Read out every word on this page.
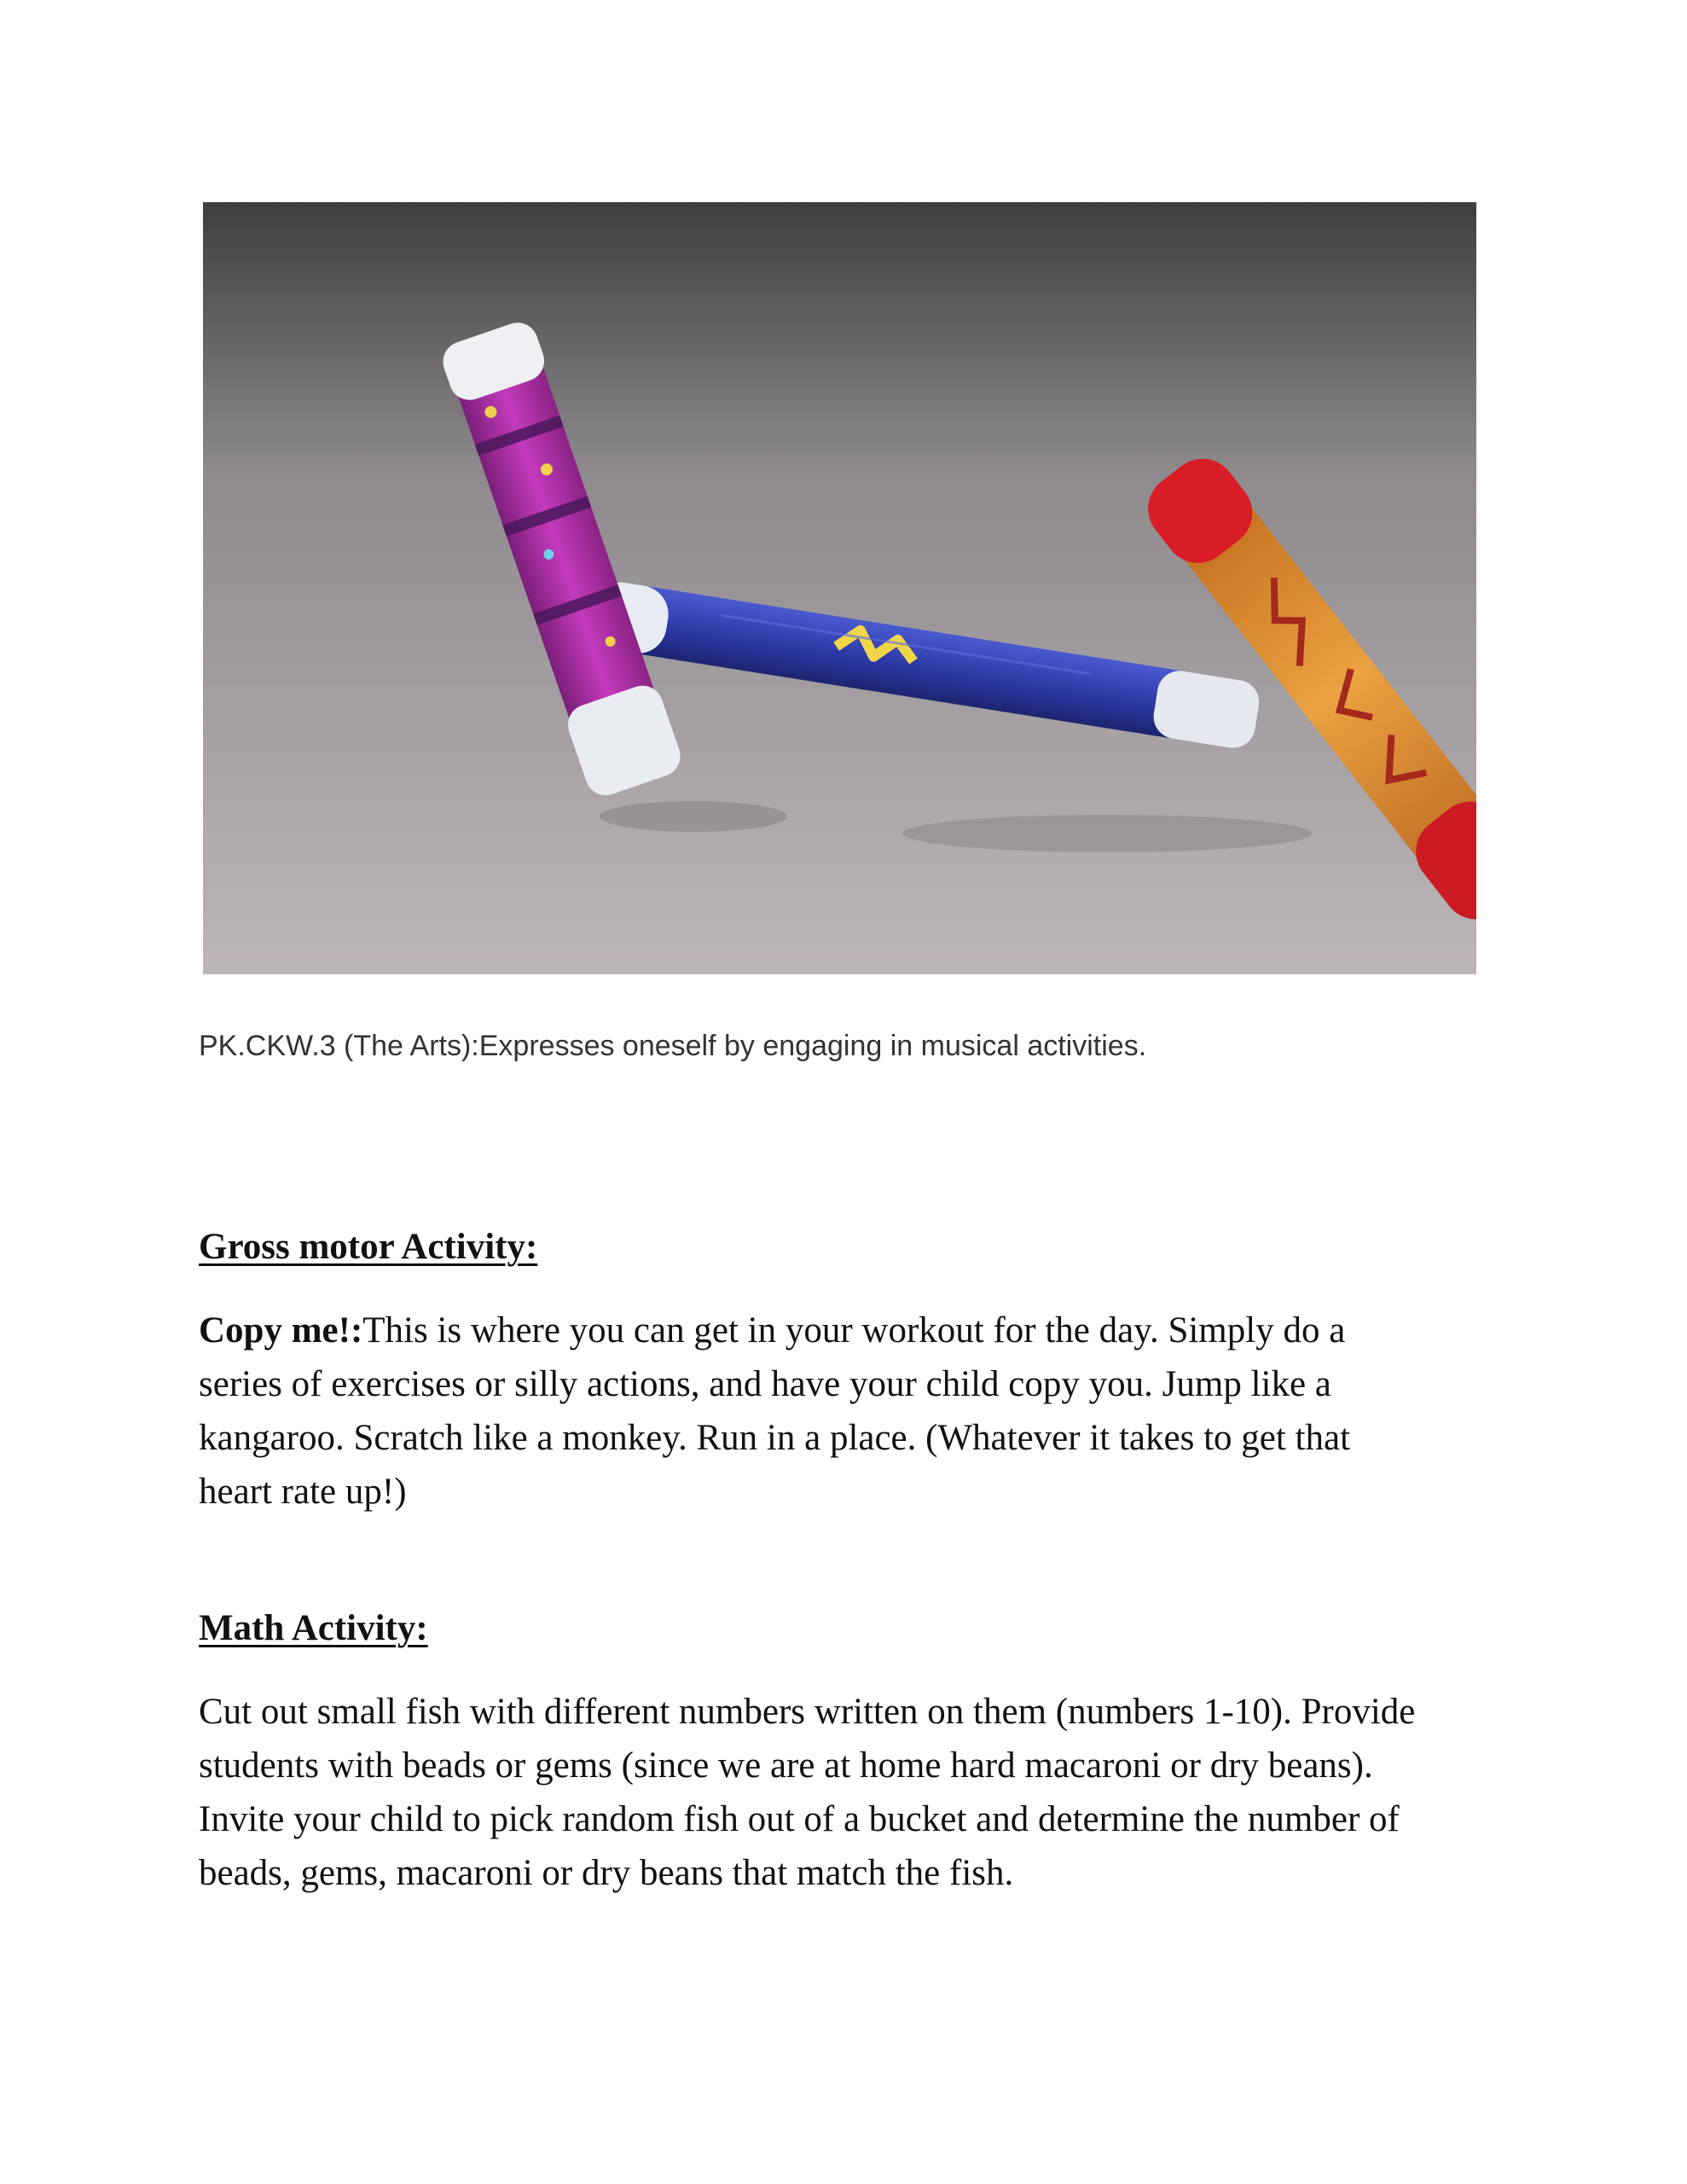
PK.CKW.3 (The Arts):Expresses oneself by engaging in musical activities.
Gross motor Activity:
Copy me!:This is where you can get in your workout for the day. Simply do a
series of exercises or silly actions, and have your child copy you. Jump like a
kangaroo. Scratch like a monkey. Run in a place. (Whatever it takes to get that
heart rate up!)
Math Activity:
Cut out small fish with different numbers written on them (numbers 1-10). Provide
students with beads or gems (since we are at home hard macaroni or dry beans).
Invite your child to pick random fish out of a bucket and determine the number of
beads, gems, macaroni or dry beans that match the fish.
